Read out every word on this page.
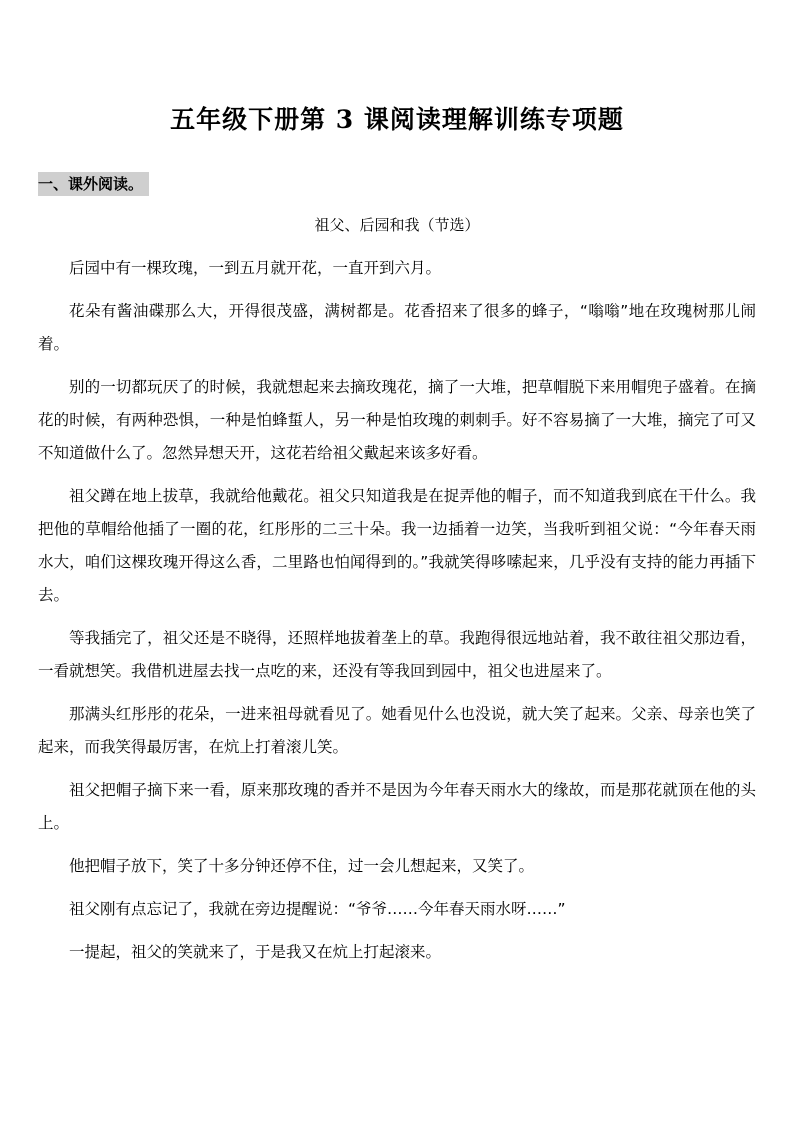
五年级下册第 3 课阅读理解训练专项题
一、课外阅读。
祖父、后园和我（节选）

后园中有一棵玫瑰，一到五月就开花，一直开到六月。

花朵有酱油碟那么大，开得很茂盛，满树都是。花香招来了很多的蜂子，“嗡嗡”地在玫瑰树那儿闹着。

别的一切都玩厌了的时候，我就想起来去摘玫瑰花，摘了一大堆，把草帽脱下来用帽兜子盛着。在摘花的时候，有两种恐惧，一种是怕蜂蜇人，另一种是怕玫瑰的刺刺手。好不容易摘了一大堆，摘完了可又不知道做什么了。忽然异想天开，这花若给祖父戴起来该多好看。

祖父蹲在地上拔草，我就给他戴花。祖父只知道我是在捉弄他的帽子，而不知道我到底在干什么。我把他的草帽给他插了一圈的花，红彤彤的二三十朵。我一边插着一边笑，当我听到祖父说：“今年春天雨水大，咱们这棵玫瑰开得这么香，二里路也怕闻得到的。”我就笑得哆嗦起来，几乎没有支持的能力再插下去。

等我插完了，祖父还是不晓得，还照样地拔着垄上的草。我跑得很远地站着，我不敢往祖父那边看，一看就想笑。我借机进屋去找一点吃的来，还没有等我回到园中，祖父也进屋来了。

那满头红彤彤的花朵，一进来祖母就看见了。她看见什么也没说，就大笑了起来。父亲、母亲也笑了起来，而我笑得最厉害，在炕上打着滚儿笑。

祖父把帽子摘下来一看，原来那玫瑰的香并不是因为今年春天雨水大的缘故，而是那花就顶在他的头上。

他把帽子放下，笑了十多分钟还停不住，过一会儿想起来，又笑了。

祖父刚有点忘记了，我就在旁边提醒说：“爷爷……今年春天雨水呀……”

一提起，祖父的笑就来了，于是我又在炕上打起滚来。
